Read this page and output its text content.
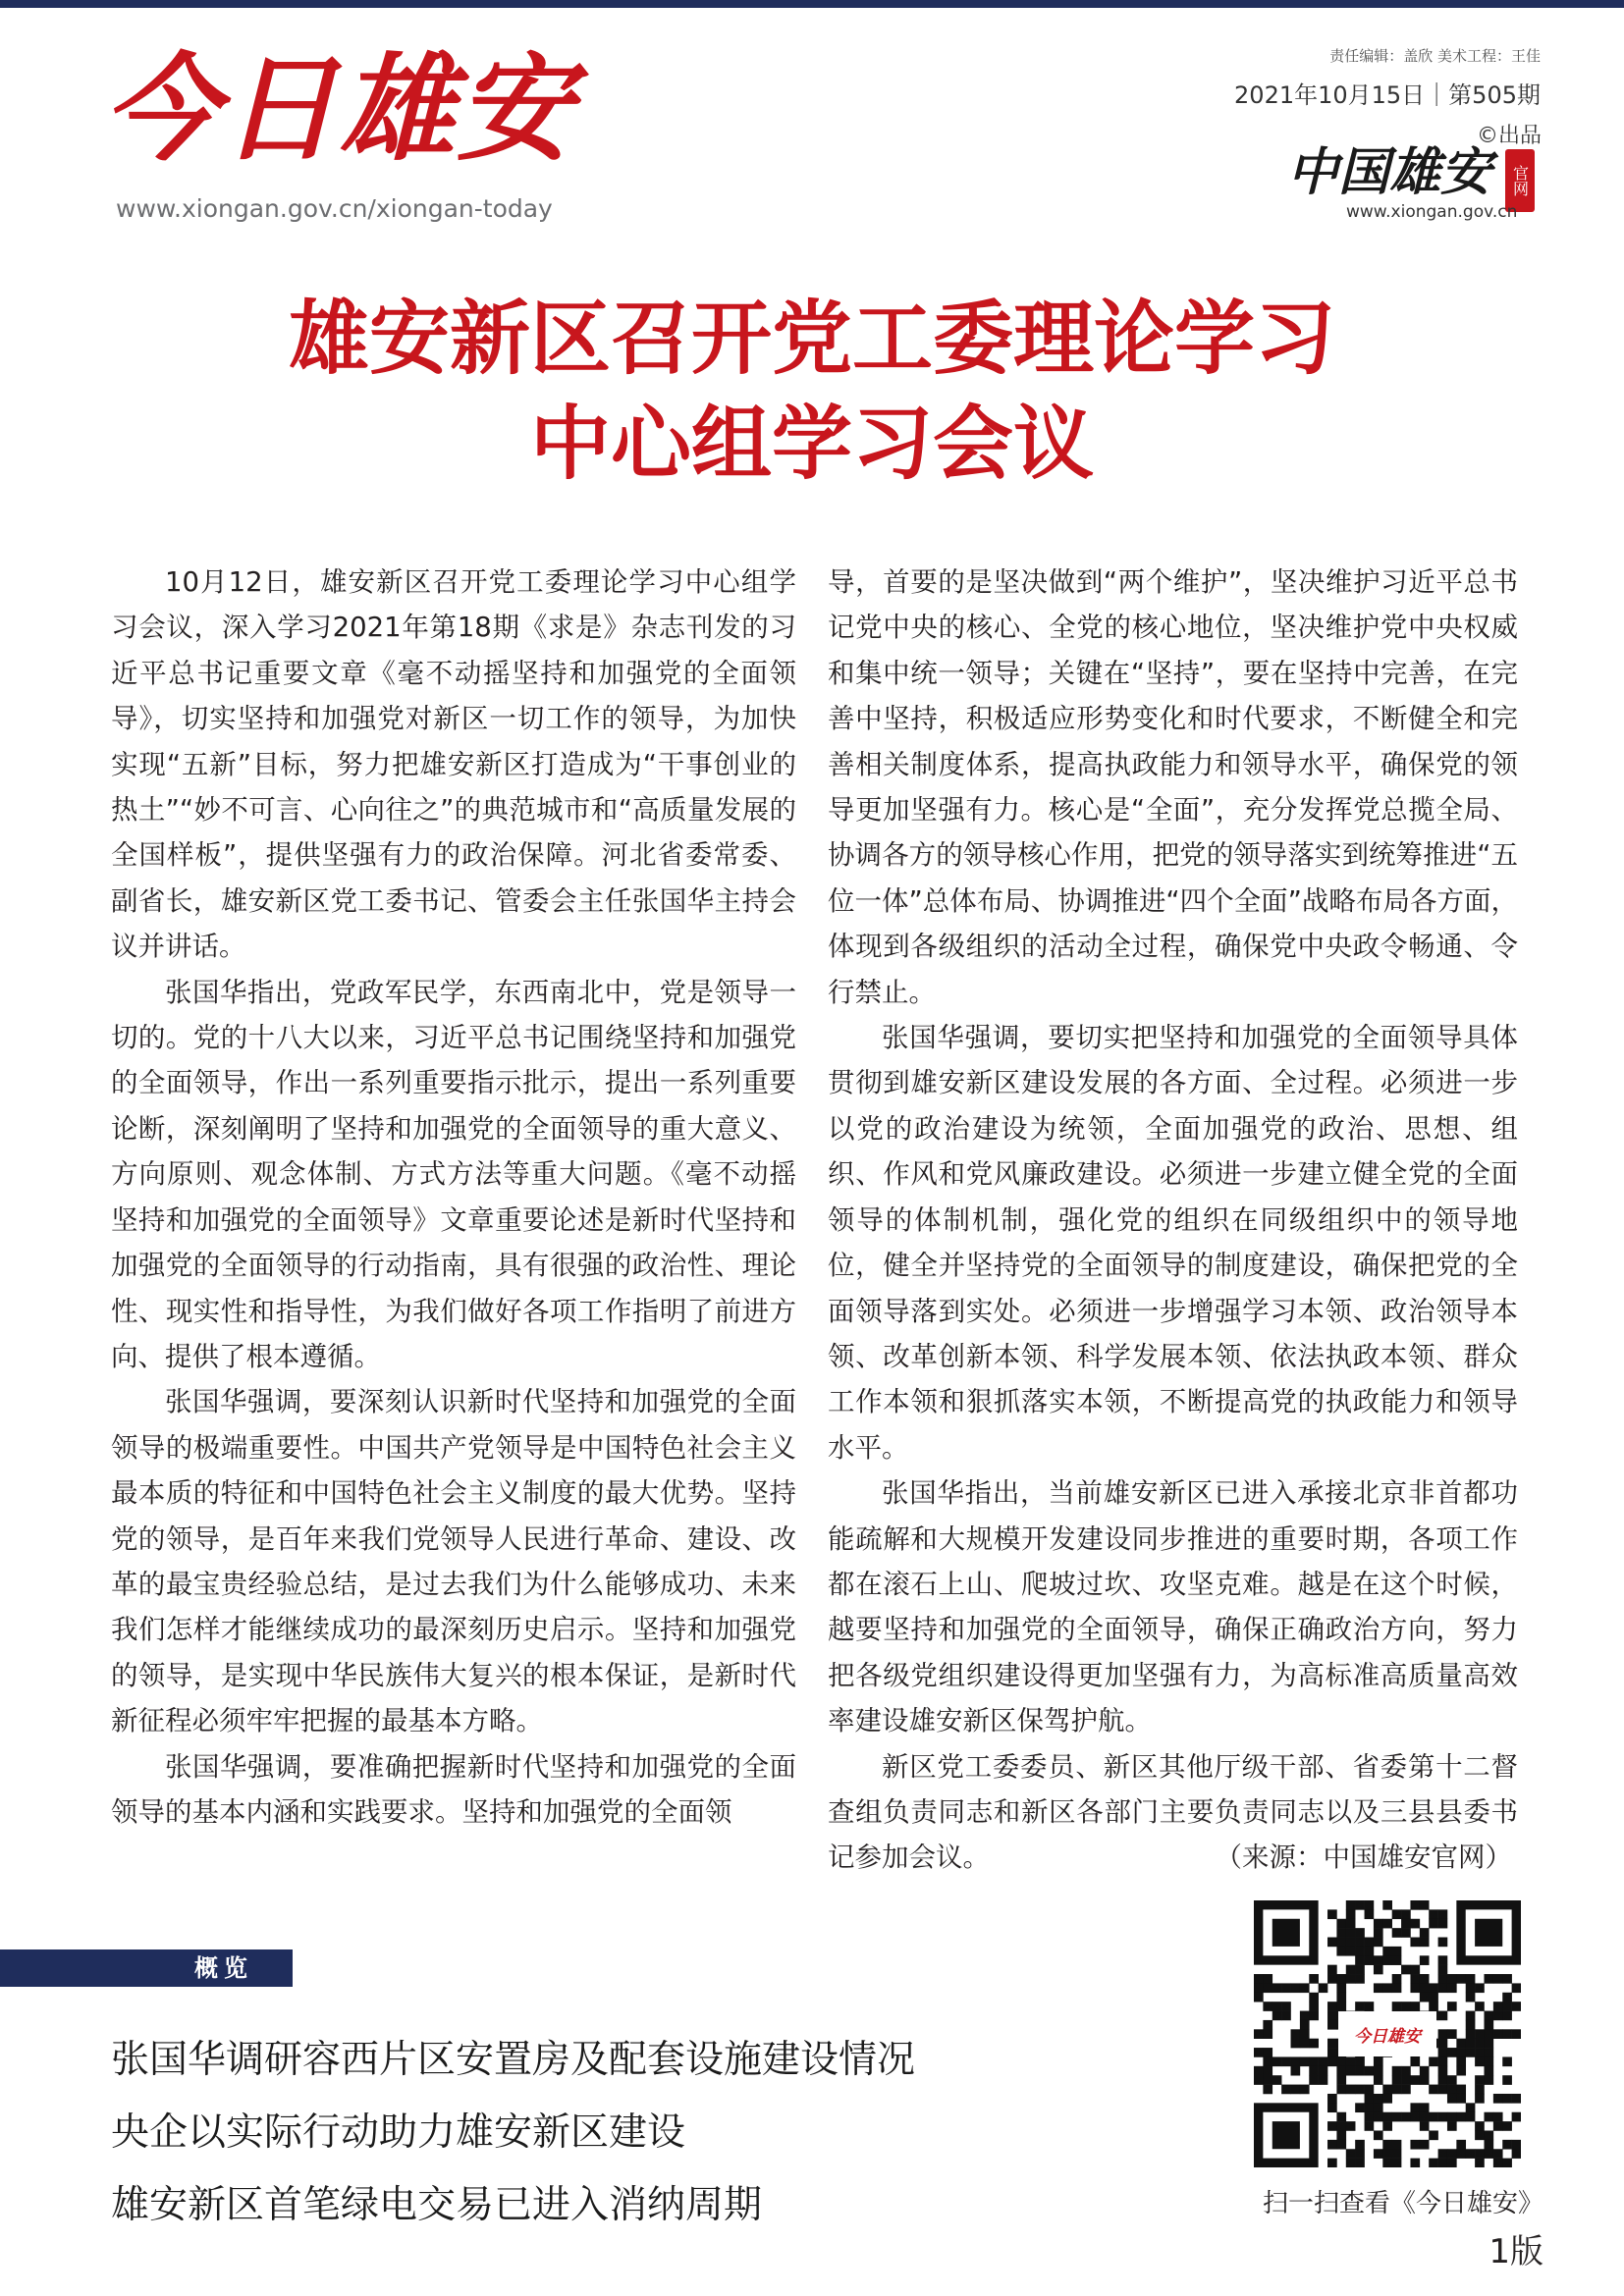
今日雄安
www.xiongan.gov.cn/xiongan-today
责任编辑：盖欣 美术工程：王佳
2021年10月15日｜第505期
©出品
中国雄安	官网
www.xiongan.gov.cn
雄安新区召开党工委理论学习
中心组学习会议

10月12日，雄安新区召开党工委理论学习中心组学习会议，深入学习2021年第18期《求是》杂志刊发的习近平总书记重要文章《毫不动摇坚持和加强党的全面领导》，切实坚持和加强党对新区一切工作的领导，为加快实现“五新”目标，努力把雄安新区打造成为“干事创业的热土”“妙不可言、心向往之”的典范城市和“高质量发展的全国样板”，提供坚强有力的政治保障。河北省委常委、副省长，雄安新区党工委书记、管委会主任张国华主持会议并讲话。

张国华指出，党政军民学，东西南北中，党是领导一切的。党的十八大以来，习近平总书记围绕坚持和加强党的全面领导，作出一系列重要指示批示，提出一系列重要论断，深刻阐明了坚持和加强党的全面领导的重大意义、方向原则、观念体制、方式方法等重大问题。《毫不动摇坚持和加强党的全面领导》文章重要论述是新时代坚持和加强党的全面领导的行动指南，具有很强的政治性、理论性、现实性和指导性，为我们做好各项工作指明了前进方向、提供了根本遵循。

张国华强调，要深刻认识新时代坚持和加强党的全面领导的极端重要性。中国共产党领导是中国特色社会主义最本质的特征和中国特色社会主义制度的最大优势。坚持党的领导，是百年来我们党领导人民进行革命、建设、改革的最宝贵经验总结，是过去我们为什么能够成功、未来我们怎样才能继续成功的最深刻历史启示。坚持和加强党的领导，是实现中华民族伟大复兴的根本保证，是新时代新征程必须牢牢把握的最基本方略。

张国华强调，要准确把握新时代坚持和加强党的全面领导的基本内涵和实践要求。坚持和加强党的全面领

导，首要的是坚决做到“两个维护”，坚决维护习近平总书记党中央的核心、全党的核心地位，坚决维护党中央权威和集中统一领导；关键在“坚持”，要在坚持中完善，在完善中坚持，积极适应形势变化和时代要求，不断健全和完善相关制度体系，提高执政能力和领导水平，确保党的领导更加坚强有力。核心是“全面”，充分发挥党总揽全局、协调各方的领导核心作用，把党的领导落实到统筹推进“五位一体”总体布局、协调推进“四个全面”战略布局各方面，体现到各级组织的活动全过程，确保党中央政令畅通、令行禁止。

张国华强调，要切实把坚持和加强党的全面领导具体贯彻到雄安新区建设发展的各方面、全过程。必须进一步以党的政治建设为统领，全面加强党的政治、思想、组织、作风和党风廉政建设。必须进一步建立健全党的全面领导的体制机制，强化党的组织在同级组织中的领导地位，健全并坚持党的全面领导的制度建设，确保把党的全面领导落到实处。必须进一步增强学习本领、政治领导本领、改革创新本领、科学发展本领、依法执政本领、群众工作本领和狠抓落实本领，不断提高党的执政能力和领导水平。

张国华指出，当前雄安新区已进入承接北京非首都功能疏解和大规模开发建设同步推进的重要时期，各项工作都在滚石上山、爬坡过坎、攻坚克难。越是在这个时候，越要坚持和加强党的全面领导，确保正确政治方向，努力把各级党组织建设得更加坚强有力，为高标准高质量高效率建设雄安新区保驾护航。

新区党工委委员、新区其他厅级干部、省委第十二督查组负责同志和新区各部门主要负责同志以及三县县委书记参加会议。	（来源：中国雄安官网）
概览
张国华调研容西片区安置房及配套设施建设情况
央企以实际行动助力雄安新区建设
雄安新区首笔绿电交易已进入消纳周期
今日雄安
扫一扫查看《今日雄安》
1版
